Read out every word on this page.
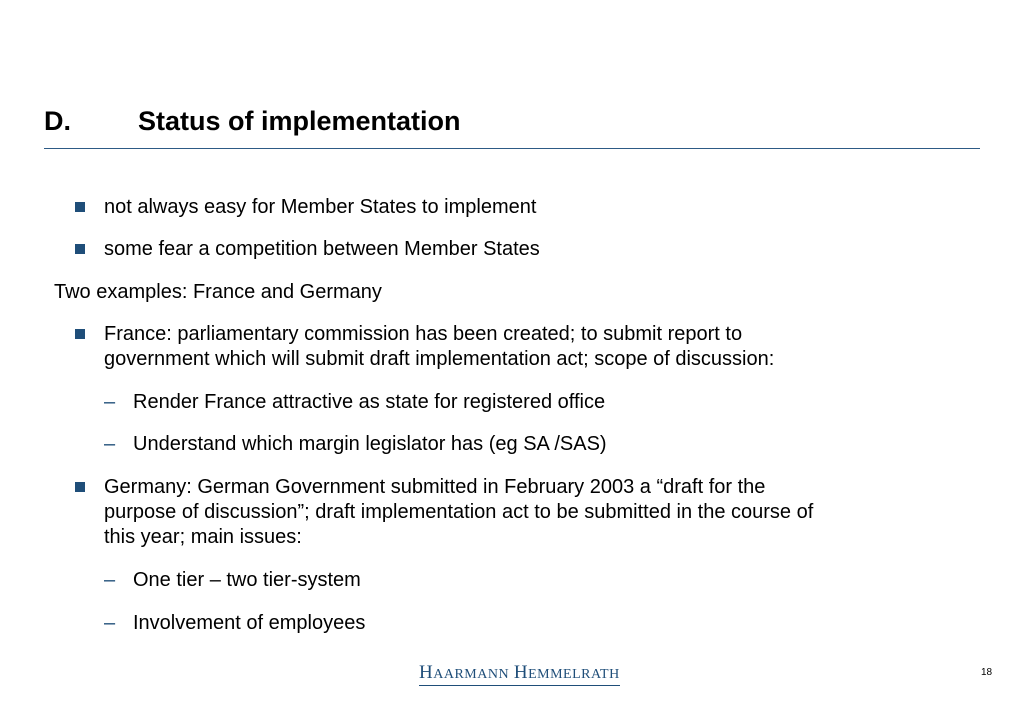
D. Status of implementation
not always easy for Member States to implement
some fear a competition between Member States
Two examples: France and Germany
France: parliamentary commission has been created; to submit report to
government which will submit draft implementation act; scope of discussion:
– Render France attractive as state for registered office
– Understand which margin legislator has (eg SA /SAS)
Germany: German Government submitted in February 2003 a “draft for the
purpose of discussion”; draft implementation act to be submitted in the course of
this year; main issues:
– One tier – two tier-system
– Involvement of employees
HAARMANN HEMMELRATH	18
